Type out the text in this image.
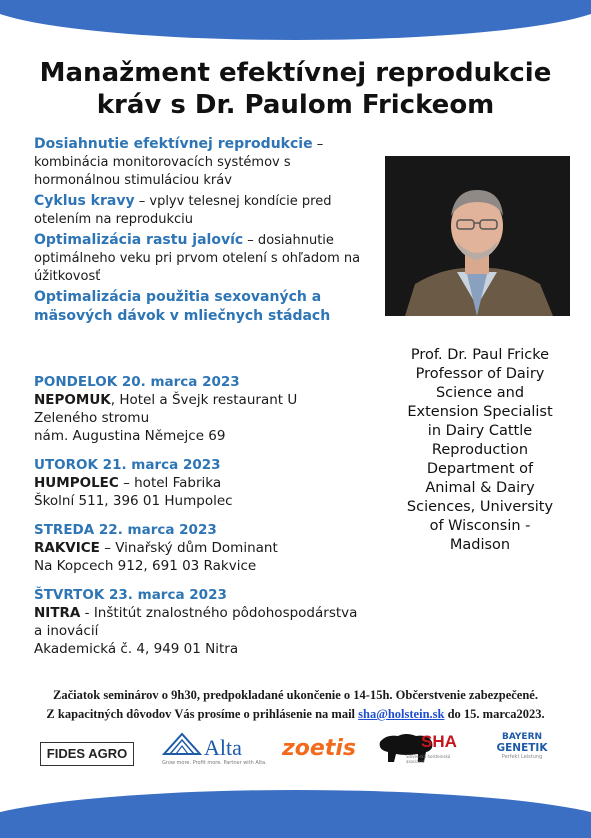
Manažment efektívnej reprodukcie
kráv s Dr. Paulom Frickeom
Dosiahnutie efektívnej reprodukcie – kombinácia monitorovacích systémov s hormonálnou stimuláciou kráv
Cyklus kravy – vplyv telesnej kondície pred otelením na reprodukciu
Optimalizácia rastu jalovíc – dosiahnutie optimálneho veku pri prvom otelení s ohľadom na úžitkovosť
Optimalizácia použitia sexovaných a mäsových dávok v mliečnych stádach
Prof. Dr. Paul Fricke
Professor of Dairy
Science and
Extension Specialist
in Dairy Cattle
Reproduction
Department of
Animal & Dairy
Sciences, University
of Wisconsin -
Madison
PONDELOK 20. marca 2023
NEPOMUK, Hotel a Švejk restaurant U Zeleného stromu
nám. Augustina Němejce 69
UTOROK 21. marca 2023
HUMPOLEC – hotel Fabrika
Školní 511, 396 01 Humpolec
STREDA 22. marca 2023
RAKVICE – Vinařský dům Dominant
Na Kopcech 912, 691 03 Rakvice
ŠTVRTOK 23. marca 2023
NITRA - Inštitút znalostného pôdohospodárstva a inovácií
Akademická č. 4, 949 01 Nitra
Začiatok seminárov o 9h30, predpokladané ukončenie o 14-15h. Občerstvenie zabezpečené.
Z kapacitných dôvodov Vás prosíme o prihlásenie na mail sha@holstein.sk do 15. marca2023.
FIDES AGRO	Alta
Grow more. Profit more. Partner with Alta.
zoetis	SHA
Slovenská holsteinská asociácia
BAYERN
GENETIK
Perfekt Leistung
